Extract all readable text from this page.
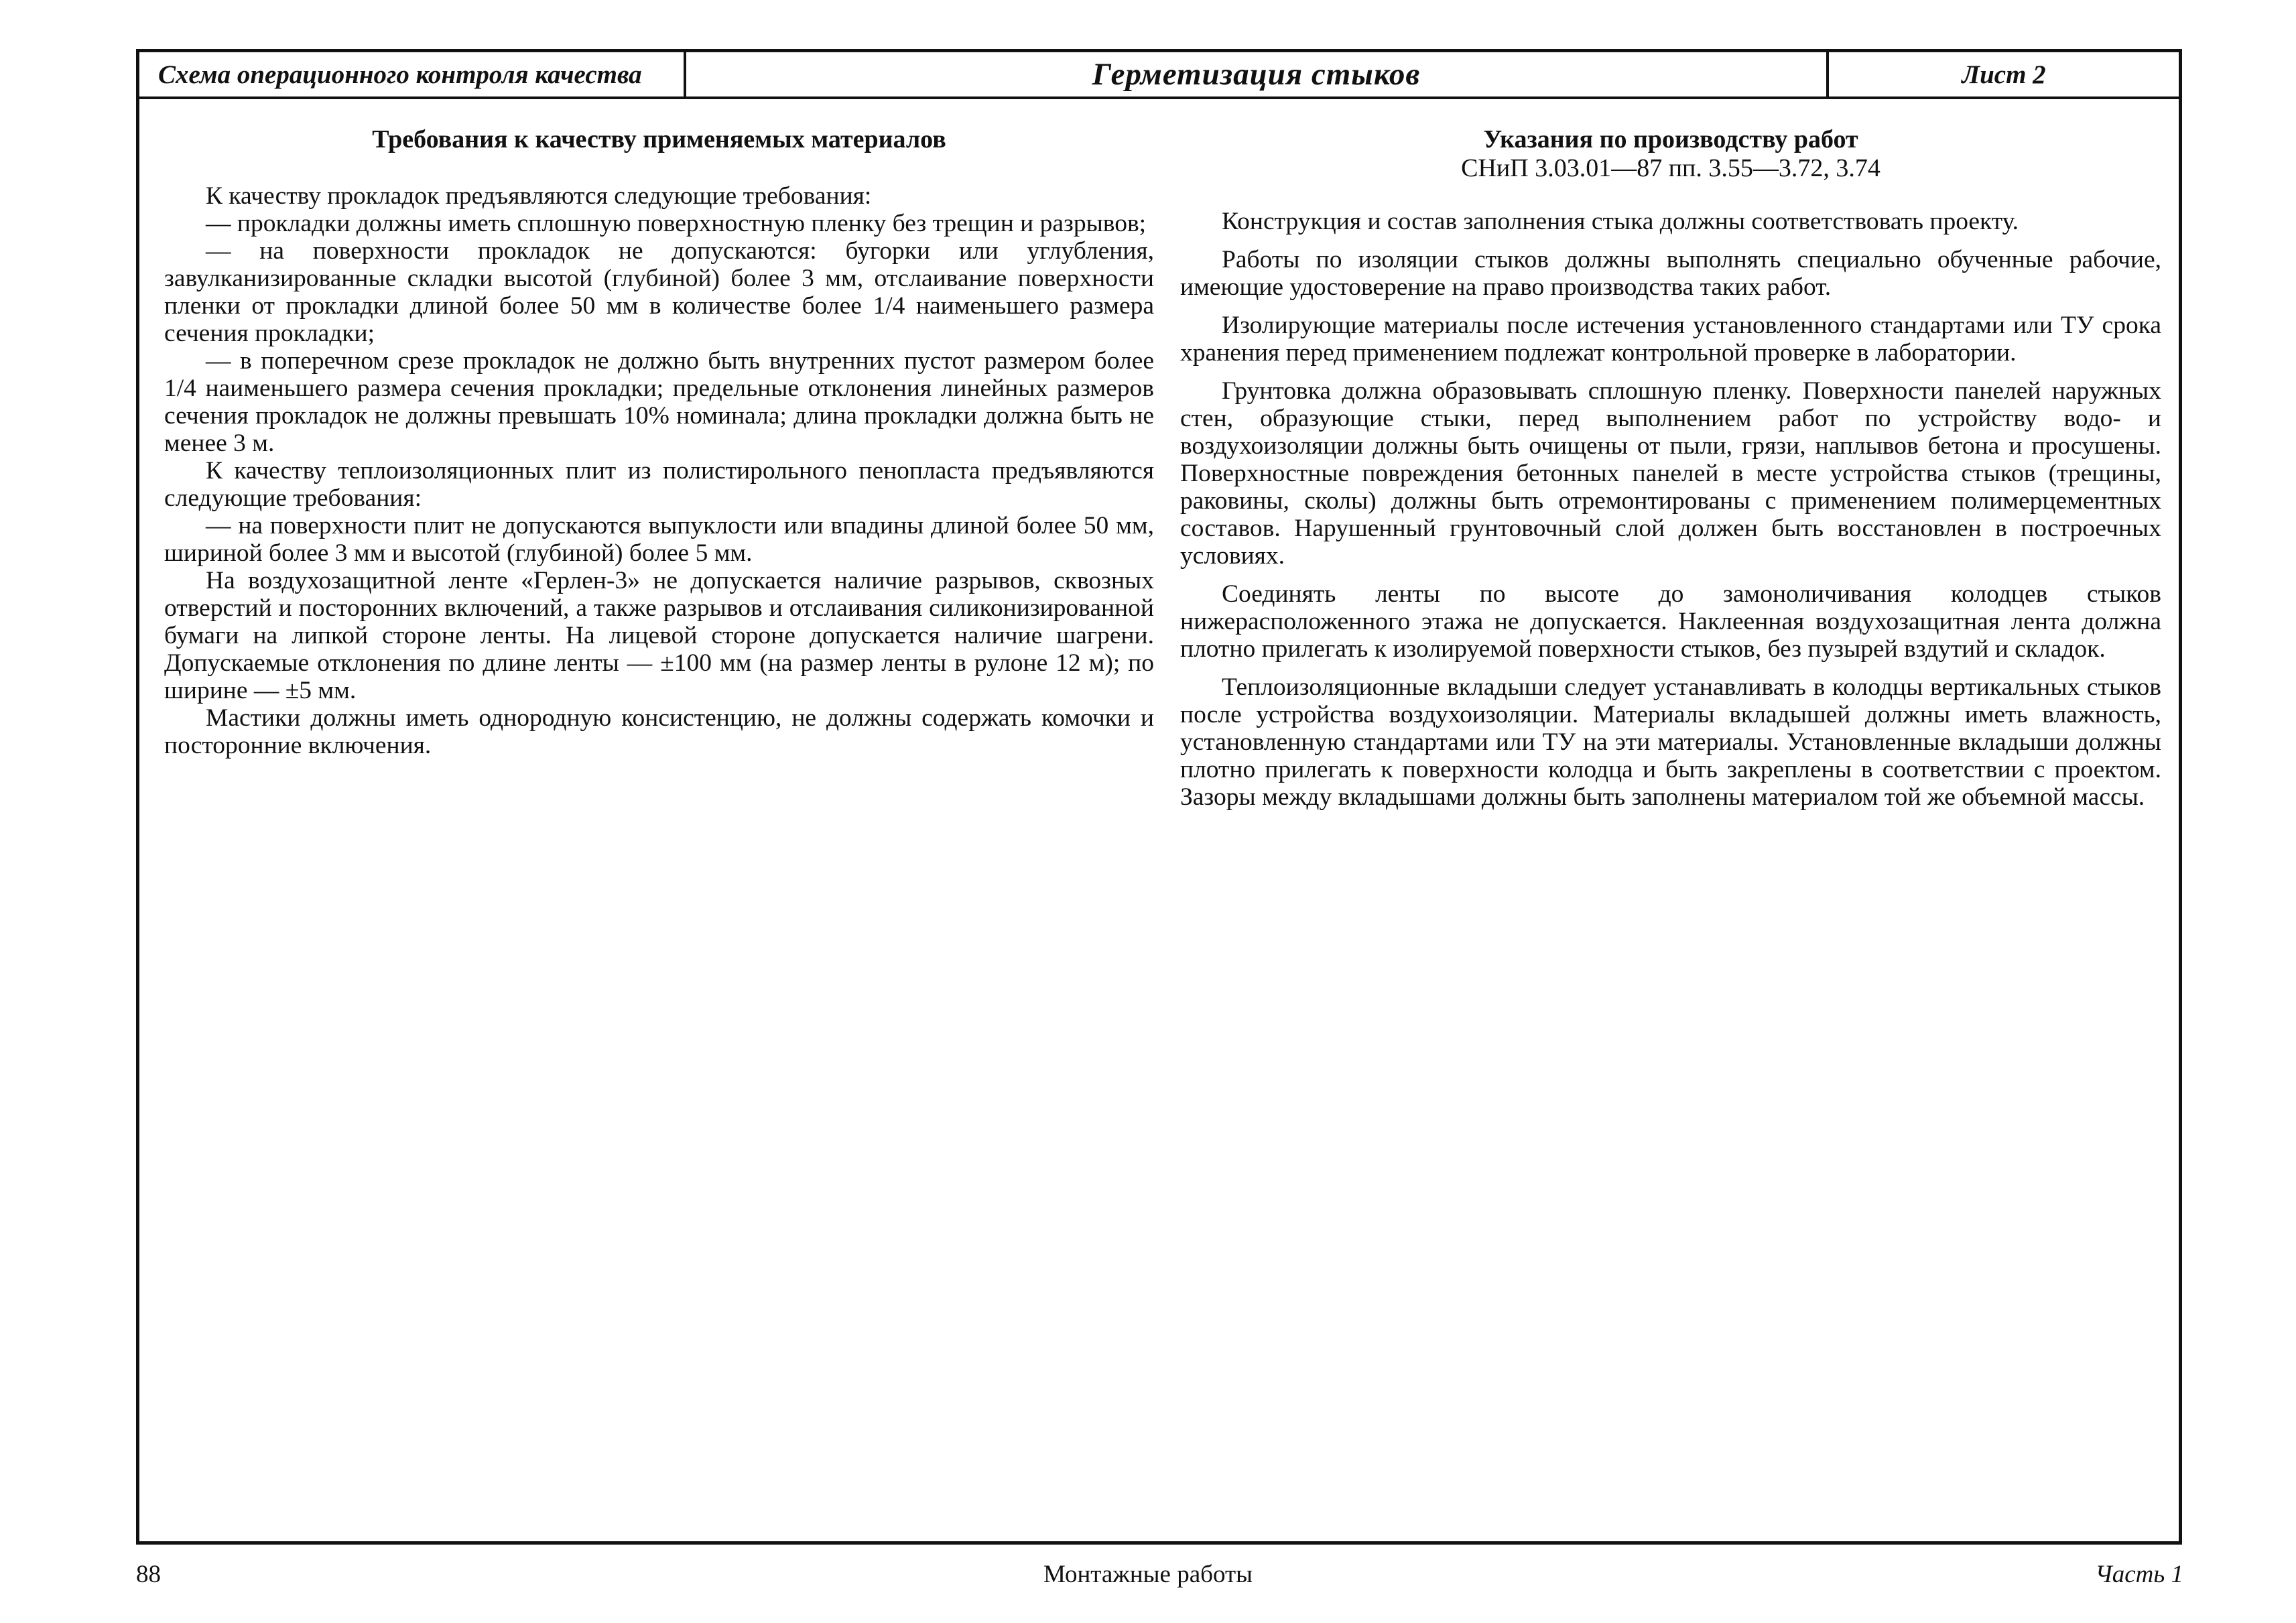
Схема операционного контроля качества	Герметизация стыков	Лист 2
Требования к качеству применяемых материалов

К качеству прокладок предъявляются следующие требования:

— прокладки должны иметь сплошную поверхностную пленку без трещин и разрывов;

— на поверхности прокладок не допускаются: бугорки или углубления, завулканизированные складки высотой (глубиной) более 3 мм, отслаивание поверхности пленки от прокладки длиной более 50 мм в количестве более 1/4 наименьшего размера сечения прокладки;

— в поперечном срезе прокладок не должно быть внутренних пустот размером более 1/4 наименьшего размера сечения прокладки; предельные отклонения линейных размеров сечения прокладок не должны превышать 10% номинала; длина прокладки должна быть не менее 3 м.

К качеству теплоизоляционных плит из полистирольного пенопласта предъявляются следующие требования:

— на поверхности плит не допускаются выпуклости или впадины длиной более 50 мм, шириной более 3 мм и высотой (глубиной) более 5 мм.

На воздухозащитной ленте «Герлен-3» не допускается наличие разрывов, сквозных отверстий и посторонних включений, а также разрывов и отслаивания силиконизированной бумаги на липкой стороне ленты. На лицевой стороне допускается наличие шагрени. Допускаемые отклонения по длине ленты — ±100 мм (на размер ленты в рулоне 12 м); по ширине — ±5 мм.

Мастики должны иметь однородную консистенцию, не должны содержать комочки и посторонние включения.

Указания по производству работ

СНиП 3.03.01—87 пп. 3.55—3.72, 3.74

Конструкция и состав заполнения стыка должны соответствовать проекту.

Работы по изоляции стыков должны выполнять специально обученные рабочие, имеющие удостоверение на право производства таких работ.

Изолирующие материалы после истечения установленного стандартами или ТУ срока хранения перед применением подлежат контрольной проверке в лаборатории.

Грунтовка должна образовывать сплошную пленку. Поверхности панелей наружных стен, образующие стыки, перед выполнением работ по устройству водо- и воздухоизоляции должны быть очищены от пыли, грязи, наплывов бетона и просушены. Поверхностные повреждения бетонных панелей в месте устройства стыков (трещины, раковины, сколы) должны быть отремонтированы с применением полимерцементных составов. Нарушенный грунтовочный слой должен быть восстановлен в построечных условиях.

Соединять ленты по высоте до замоноличивания колодцев стыков нижерасположенного этажа не допускается. Наклеенная воздухозащитная лента должна плотно прилегать к изолируемой поверхности стыков, без пузырей вздутий и складок.

Теплоизоляционные вкладыши следует устанавливать в колодцы вертикальных стыков после устройства воздухоизоляции. Материалы вкладышей должны иметь влажность, установленную стандартами или ТУ на эти материалы. Установленные вкладыши должны плотно прилегать к поверхности колодца и быть закреплены в соответствии с проектом. Зазоры между вкладышами должны быть заполнены материалом той же объемной массы.

Монтажные работы
88	Часть 1
